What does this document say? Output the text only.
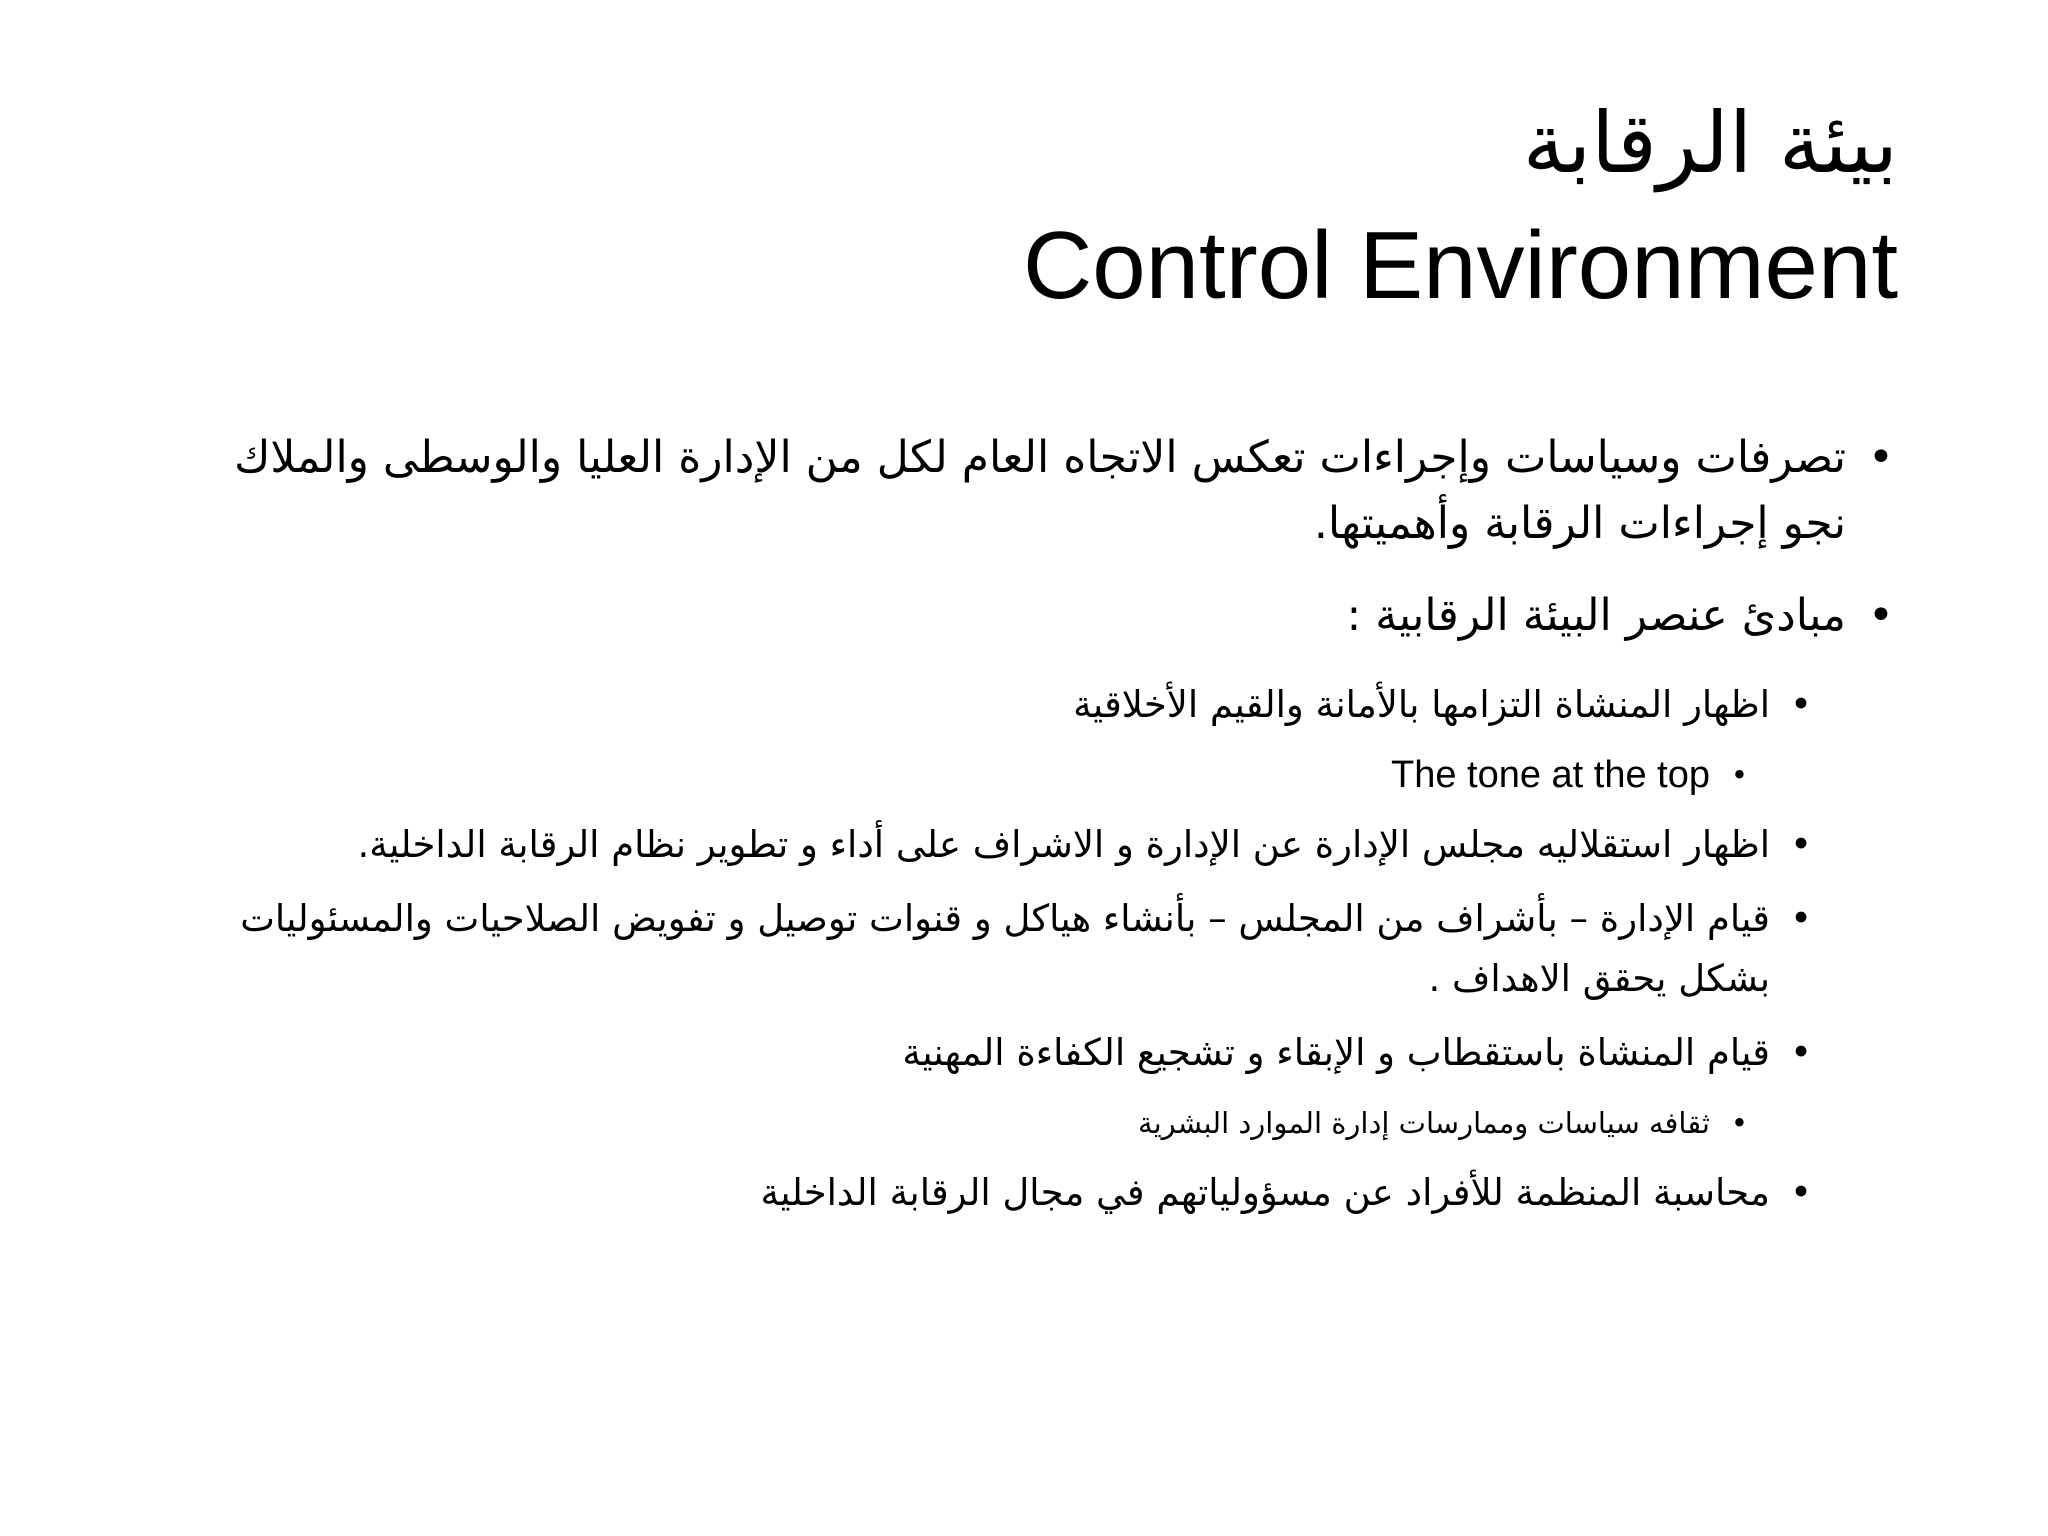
بيئة الرقابة
Control Environment
•
تصرفات وسياسات وإجراءات تعكس الاتجاه العام لكل من الإدارة العليا والوسطى والملاك نجو إجراءات الرقابة وأهميتها.
•
مبادئ عنصر البيئة الرقابية :
•
اظهار المنشاة التزامها بالأمانة والقيم الأخلاقية
•
The tone at the top
•
اظهار استقلاليه مجلس الإدارة عن الإدارة و الاشراف على أداء و تطوير نظام الرقابة الداخلية.
•
قيام الإدارة – بأشراف من المجلس – بأنشاء هياكل و قنوات توصيل و تفويض الصلاحيات والمسئوليات بشكل يحقق الاهداف .
•
قيام المنشاة باستقطاب و الإبقاء و تشجيع الكفاءة المهنية
•
ثقافه سياسات وممارسات إدارة الموارد البشرية
•
محاسبة المنظمة للأفراد عن مسؤولياتهم في مجال الرقابة الداخلية
